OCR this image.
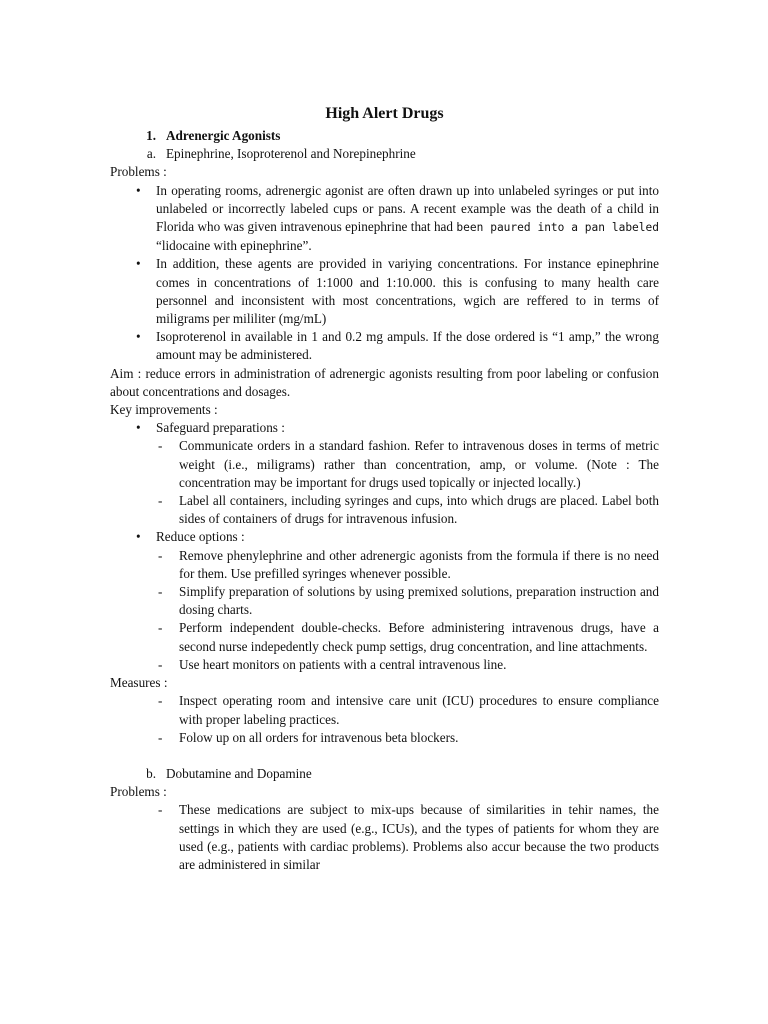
High Alert Drugs
1. Adrenergic Agonists
a. Epinephrine, Isoproterenol and Norepinephrine
Problems :
•	In operating rooms, adrenergic agonist are often drawn up into unlabeled syringes or put into unlabeled or incorrectly labeled cups or pans. A recent example was the death of a child in Florida who was given intravenous epinephrine that had been paured into a pan labeled “lidocaine with epinephrine”.
•	In addition, these agents are provided in variying concentrations. For instance epinephrine comes in concentrations of 1:1000 and 1:10.000. this is confusing to many health care personnel and inconsistent with most concentrations, wgich are reffered to in terms of miligrams per mililiter (mg/mL)
•	Isoproterenol in available in 1 and 0.2 mg ampuls. If the dose ordered is “1 amp,” the wrong amount may be administered.
Aim : reduce errors in administration of adrenergic agonists resulting from poor labeling or confusion about concentrations and dosages.
Key improvements :
•	Safeguard preparations :
-	Communicate orders in a standard fashion. Refer to intravenous doses in terms of metric weight (i.e., miligrams) rather than concentration, amp, or volume. (Note : The concentration may be important for drugs used topically or injected locally.)
-	Label all containers, including syringes and cups, into which drugs are placed. Label both sides of containers of drugs for intravenous infusion.
•	Reduce options :
-	Remove phenylephrine and other adrenergic agonists from the formula if there is no need for them. Use prefilled syringes whenever possible.
-	Simplify preparation of solutions by using premixed solutions, preparation instruction and dosing charts.
-	Perform independent double-checks. Before administering intravenous drugs, have a second nurse indepedently check pump settigs, drug concentration, and line attachments.
-	Use heart monitors on patients with a central intravenous line.
Measures :
-	Inspect operating room and intensive care unit (ICU) procedures to ensure compliance with proper labeling practices.
-	Folow up on all orders for intravenous beta blockers.
b. Dobutamine and Dopamine
Problems :
-	These medications are subject to mix-ups because of similarities in tehir names, the settings in which they are used (e.g., ICUs), and the types of patients for whom they are used (e.g., patients with cardiac problems). Problems also accur because the two products are administered in similar
